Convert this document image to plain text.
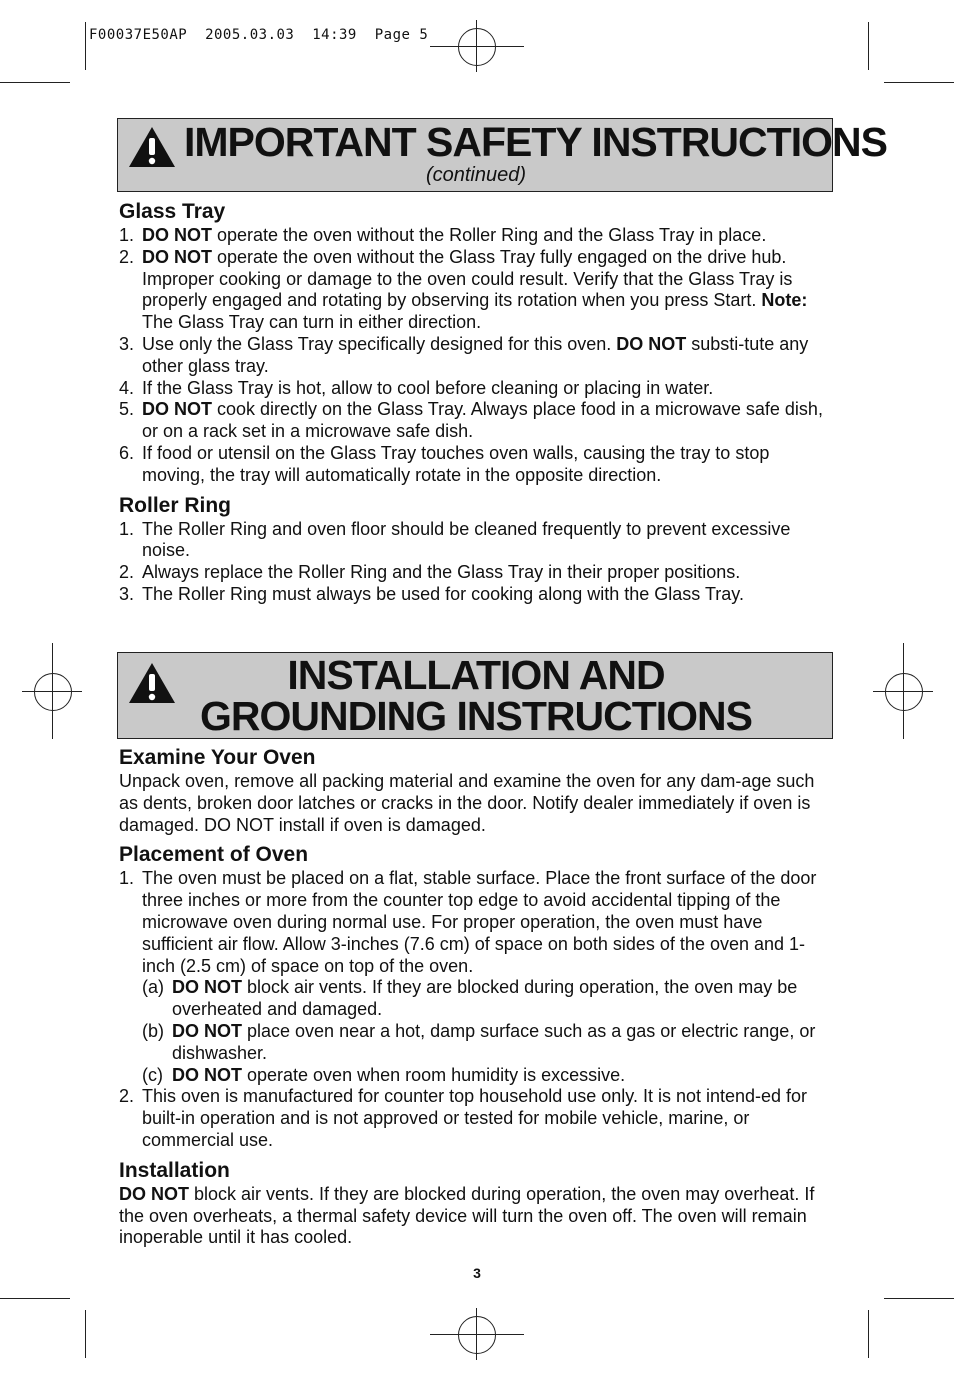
F00037E50AP  2005.03.03  14:39  Page 5
IMPORTANT SAFETY INSTRUCTIONS
(continued)
Glass Tray
1. DO NOT operate the oven without the Roller Ring and the Glass Tray in place.
2. DO NOT operate the oven without the Glass Tray fully engaged on the drive hub. Improper cooking or damage to the oven could result. Verify that the Glass Tray is properly engaged and rotating by observing its rotation when you press Start. Note: The Glass Tray can turn in either direction.
3. Use only the Glass Tray specifically designed for this oven. DO NOT substi-tute any other glass tray.
4. If the Glass Tray is hot, allow to cool before cleaning or placing in water.
5. DO NOT cook directly on the Glass Tray. Always place food in a microwave safe dish, or on a rack set in a microwave safe dish.
6. If food or utensil on the Glass Tray touches oven walls, causing the tray to stop moving, the tray will automatically rotate in the opposite direction.
Roller Ring
1. The Roller Ring and oven floor should be cleaned frequently to prevent excessive noise.
2. Always replace the Roller Ring and the Glass Tray in their proper positions.
3. The Roller Ring must always be used for cooking along with the Glass Tray.
INSTALLATION AND
GROUNDING INSTRUCTIONS
Examine Your Oven
Unpack oven, remove all packing material and examine the oven for any dam-age such as dents, broken door latches or cracks in the door. Notify dealer immediately if oven is damaged. DO NOT install if oven is damaged.
Placement of Oven
1. The oven must be placed on a flat, stable surface. Place the front surface of the door three inches or more from the counter top edge to avoid accidental tipping of the microwave oven during normal use. For proper operation, the oven must have sufficient air flow. Allow 3-inches (7.6 cm) of space on both sides of the oven and 1-inch (2.5 cm) of space on top of the oven.
(a) DO NOT block air vents. If they are blocked during operation, the oven may be overheated and damaged.
(b) DO NOT place oven near a hot, damp surface such as a gas or electric range, or dishwasher.
(c) DO NOT operate oven when room humidity is excessive.
2. This oven is manufactured for counter top household use only. It is not intend-ed for built-in operation and is not approved or tested for mobile vehicle, marine, or commercial use.
Installation
DO NOT block air vents. If they are blocked during operation, the oven may overheat. If the oven overheats, a thermal safety device will turn the oven off. The oven will remain inoperable until it has cooled.
3
